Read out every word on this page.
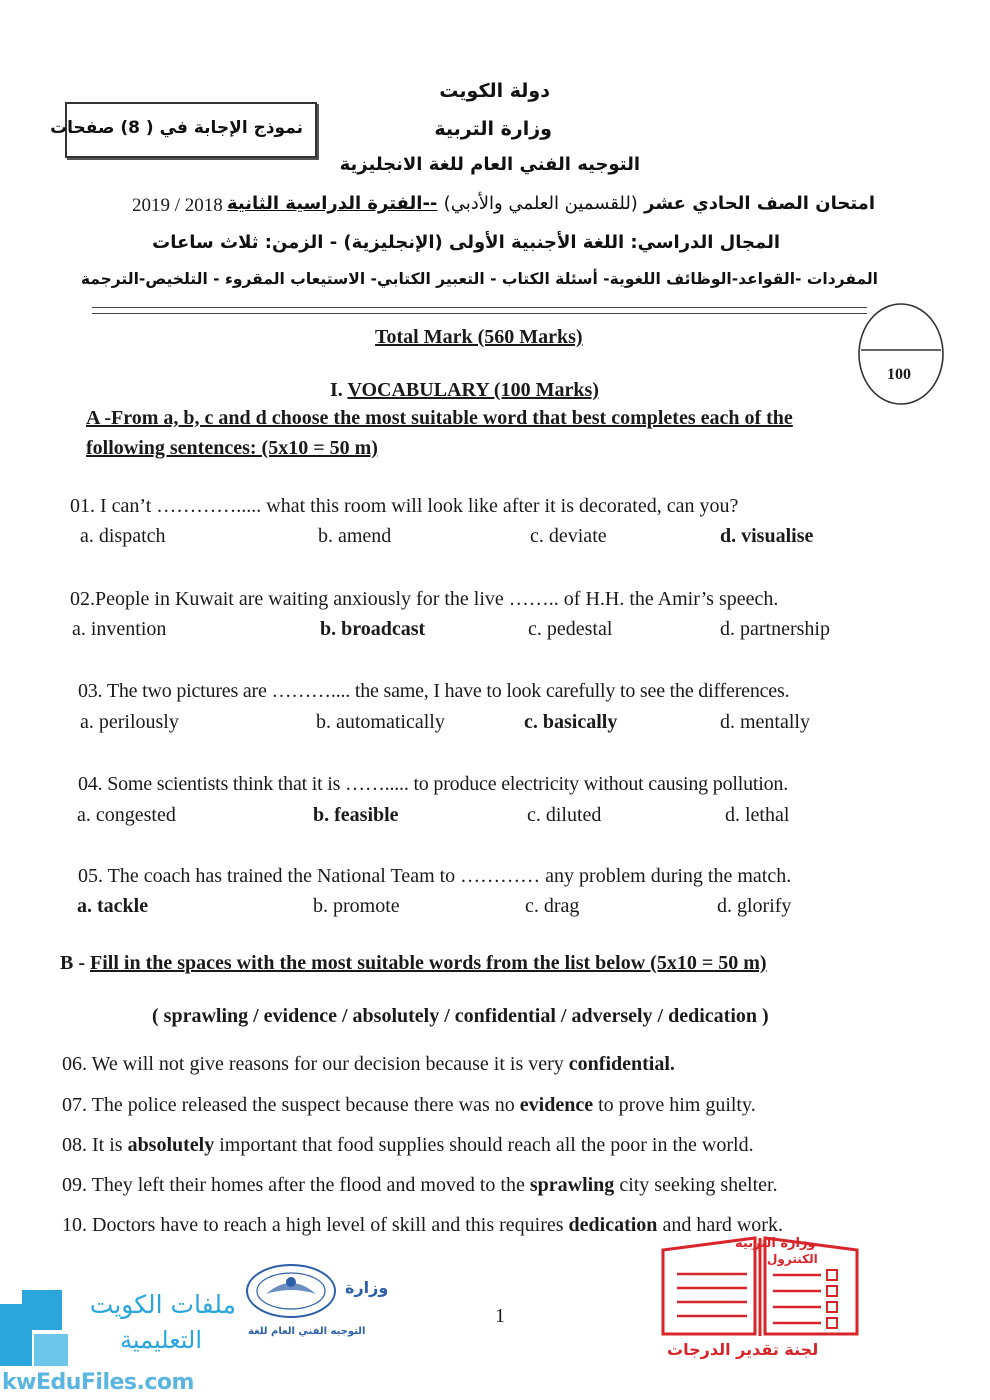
دولة الكويت
وزارة التربية
نموذج الإجابة في ( 8) صفحات
التوجيه الفني العام للغة الانجليزية
امتحان الصف الحادي عشر (للقسمين العلمي والأدبي) --الفترة الدراسية الثانية
2019 / 2018
المجال الدراسي: اللغة الأجنبية الأولى (الإنجليزية) - الزمن: ثلاث ساعات
المفردات -القواعد-الوظائف اللغوية- أسئلة الكتاب - التعبير الكتابي- الاستيعاب المقروء - التلخيص-الترجمة
100
Total Mark (560 Marks)
I. VOCABULARY (100 Marks)
A -From a, b, c and d choose the most suitable word that best completes each of the
following sentences: (5x10 = 50 m)
01. I can’t …………..... what this room will look like after it is decorated, can you?
a. dispatch	b. amend	c. deviate	d. visualise
02.People in Kuwait are waiting anxiously for the live …….. of H.H. the Amir’s speech.
a. invention	b. broadcast	c. pedestal	d. partnership
03. The two pictures are ……….... the same, I have to look carefully to see the differences.
a. perilously	b. automatically	c. basically	d. mentally
04. Some scientists think that it is ……..... to produce electricity without causing pollution.
a. congested	b. feasible	c. diluted	d. lethal
05. The coach has trained the National Team to ………… any problem during the match.
a. tackle	b. promote	c. drag	d. glorify
B - Fill in the spaces with the most suitable words from the list below (5x10 = 50 m)
( sprawling / evidence / absolutely / confidential / adversely / dedication )
06. We will not give reasons for our decision because it is very confidential.
07. The police released the suspect because there was no evidence to prove him guilty.
08. It is absolutely important that food supplies should reach all the poor in the world.
09. They left their homes after the flood and moved to the sprawling city seeking shelter.
10. Doctors have to reach a high level of skill and this requires dedication and hard work.
1
ملفات الكويت
التعليمية
kwEduFiles.com
وزارة
التوجيه الفني العام للغة
وزارة التربية
الكنترول
لجنة تقدير الدرجات
